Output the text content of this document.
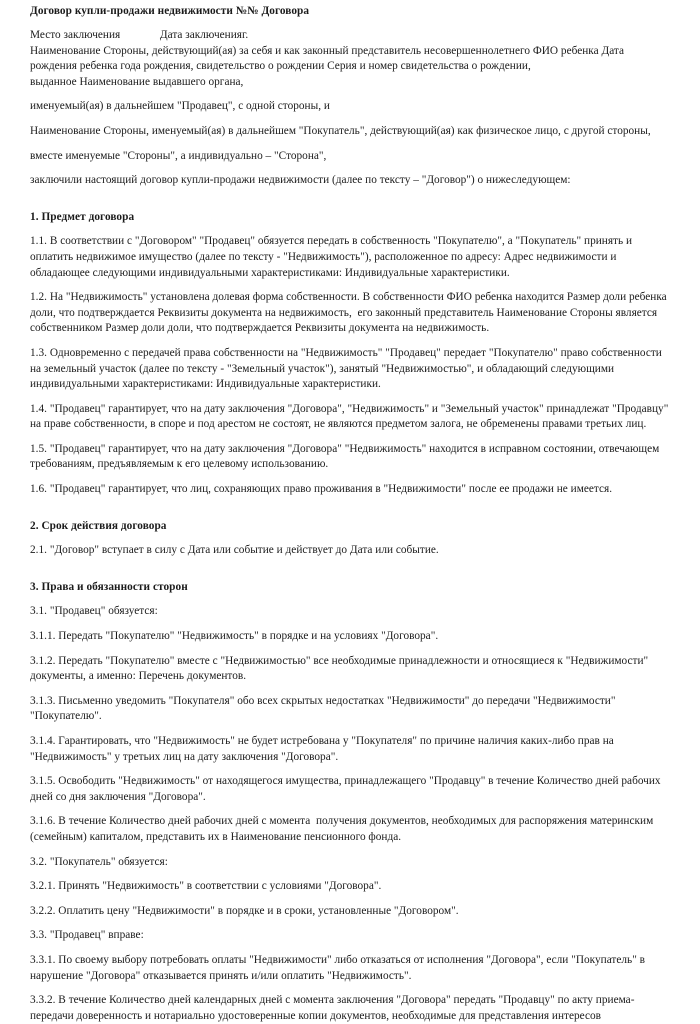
Договор купли-продажи недвижимости №№ Договора

Место заключения              Дата заключенияг.

Наименование Стороны, действующий(ая) за себя и как законный представитель несовершеннолетнего ФИО ребенка Дата рождения ребенка года рождения, свидетельство о рождении Серия и номер свидетельства о рождении,

выданное Наименование выдавшего органа,

именуемый(ая) в дальнейшем "Продавец", с одной стороны, и

Наименование Стороны, именуемый(ая) в дальнейшем "Покупатель", действующий(ая) как физическое лицо, с другой стороны,

вместе именуемые "Стороны", а индивидуально – "Сторона",

заключили настоящий договор купли-продажи недвижимости (далее по тексту – "Договор") о нижеследующем:

1. Предмет договора

1.1. В соответствии с "Договором" "Продавец" обязуется передать в собственность "Покупателю", а "Покупатель" принять и оплатить недвижимое имущество (далее по тексту - "Недвижимость"), расположенное по адресу: Адрес недвижимости и обладающее следующими индивидуальными характеристиками: Индивидуальные характеристики.

1.2. На "Недвижимость" установлена долевая форма собственности. В собственности ФИО ребенка находится Размер доли ребенка доли, что подтверждается Реквизиты документа на недвижимость,  его законный представитель Наименование Стороны является собственником Размер доли доли, что подтверждается Реквизиты документа на недвижимость.

1.3. Одновременно с передачей права собственности на "Недвижимость" "Продавец" передает "Покупателю" право собственности на земельный участок (далее по тексту - "Земельный участок"), занятый "Недвижимостью", и обладающий следующими индивидуальными характеристиками: Индивидуальные характеристики.

1.4. "Продавец" гарантирует, что на дату заключения "Договора", "Недвижимость" и "Земельный участок" принадлежат "Продавцу" на праве собственности, в споре и под арестом не состоят, не являются предметом залога, не обременены правами третьих лиц.

1.5. "Продавец" гарантирует, что на дату заключения "Договора" "Недвижимость" находится в исправном состоянии, отвечающем требованиям, предъявляемым к его целевому использованию.

1.6. "Продавец" гарантирует, что лиц, сохраняющих право проживания в "Недвижимости" после ее продажи не имеется.

2. Срок действия договора

2.1. "Договор" вступает в силу с Дата или событие и действует до Дата или событие.

3. Права и обязанности сторон

3.1. "Продавец" обязуется:

3.1.1. Передать "Покупателю" "Недвижимость" в порядке и на условиях "Договора".

3.1.2. Передать "Покупателю" вместе с "Недвижимостью" все необходимые принадлежности и относящиеся к "Недвижимости" документы, а именно: Перечень документов.

3.1.3. Письменно уведомить "Покупателя" обо всех скрытых недостатках "Недвижимости" до передачи "Недвижимости" "Покупателю".

3.1.4. Гарантировать, что "Недвижимость" не будет истребована у "Покупателя" по причине наличия каких-либо прав на "Недвижимость" у третьих лиц на дату заключения "Договора".

3.1.5. Освободить "Недвижимость" от находящегося имущества, принадлежащего "Продавцу" в течение Количество дней рабочих дней со дня заключения "Договора".

3.1.6. В течение Количество дней рабочих дней с момента  получения документов, необходимых для распоряжения материнским (семейным) капиталом, представить их в Наименование пенсионного фонда.

3.2. "Покупатель" обязуется:

3.2.1. Принять "Недвижимость" в соответствии с условиями "Договора".

3.2.2. Оплатить цену "Недвижимости" в порядке и в сроки, установленные "Договором".

3.3. "Продавец" вправе:

3.3.1. По своему выбору потребовать оплаты "Недвижимости" либо отказаться от исполнения "Договора", если "Покупатель" в нарушение "Договора" отказывается принять и/или оплатить "Недвижимость".

3.3.2. В течение Количество дней календарных дней с момента заключения "Договора" передать "Продавцу" по акту приема-передачи доверенность и нотариально удостоверенные копии документов, необходимые для представления интересов
